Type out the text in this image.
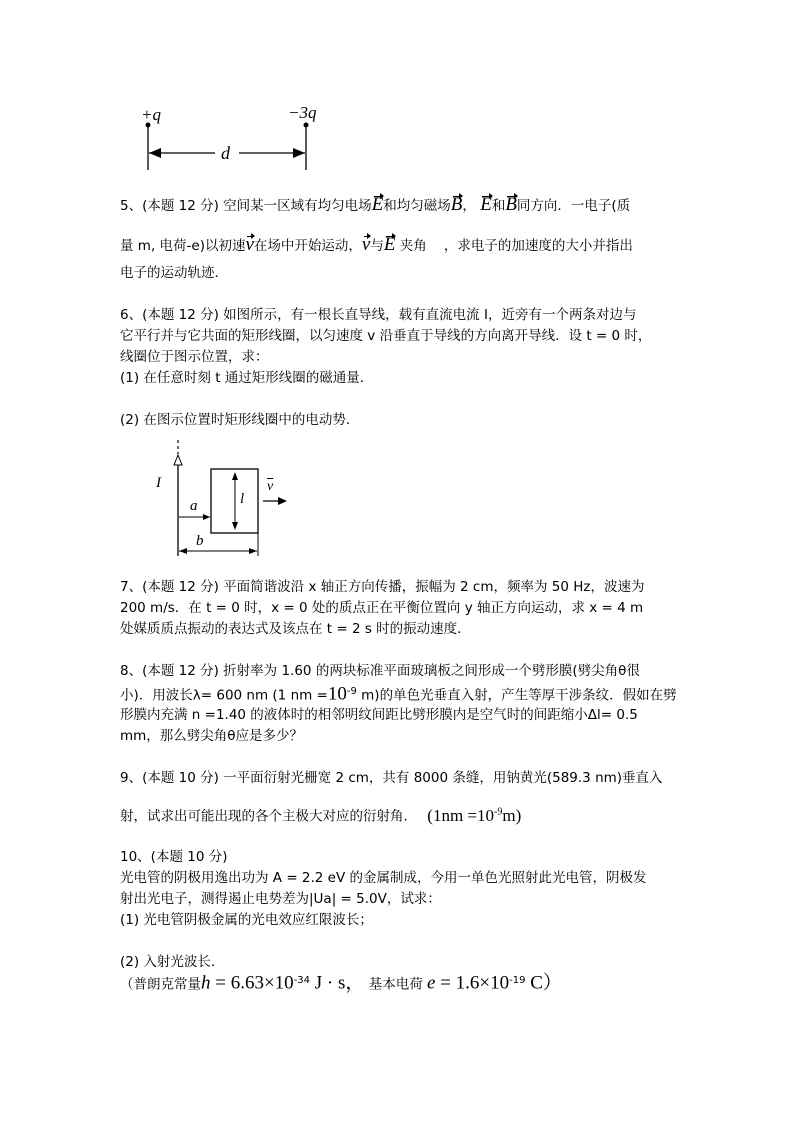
+q	−3q
d
5、(本题 12 分) 空间某一区域有均匀电场E和均匀磁场B， E和B同方向．一电子(质
量 m, 电荷-e)以初速v在场中开始运动，v与E 夹角 ，求电子的加速度的大小并指出
电子的运动轨迹．
6、(本题 12 分) 如图所示，有一根长直导线，载有直流电流 I，近旁有一个两条对边与
它平行并与它共面的矩形线圈，以匀速度 v 沿垂直于导线的方向离开导线．设 t = 0 时，
线圈位于图示位置，求：
(1) 在任意时刻 t 通过矩形线圈的磁通量．
(2) 在图示位置时矩形线圈中的电动势．
I
a	l
b
$\overline{v}$
7、(本题 12 分) 平面简谐波沿 x 轴正方向传播，振幅为 2 cm，频率为 50 Hz，波速为
200 m/s．在 t = 0 时，x = 0 处的质点正在平衡位置向 y 轴正方向运动，求 x = 4 m
处媒质质点振动的表达式及该点在 t = 2 s 时的振动速度．
8、(本题 12 分) 折射率为 1.60 的两块标准平面玻璃板之间形成一个劈形膜(劈尖角θ很
小)．用波长λ= 600 nm (1 nm $=10^{-9}$ m)的单色光垂直入射，产生等厚干涉条纹．假如在劈
形膜内充满 n =1.40 的液体时的相邻明纹间距比劈形膜内是空气时的间距缩小Δl= 0.5
mm，那么劈尖角θ应是多少？
9、(本题 10 分) 一平面衍射光栅宽 2 cm，共有 8000 条缝，用钠黄光(589.3 nm)垂直入
射，试求出可能出现的各个主极大对应的衍射角． $(1nm =10^{-9}m)$
10、(本题 10 分)
光电管的阴极用逸出功为 A = 2.2 eV 的金属制成，今用一单色光照射此光电管，阴极发
射出光电子，测得遏止电势差为|Ua| = 5.0V，试求：
(1) 光电管阴极金属的光电效应红限波长；
(2) 入射光波长．
（普朗克常量$h = 6.63\times 10^{-34}$ J · s， 基本电荷 $e = 1.6\times 10^{-19}$ C）
